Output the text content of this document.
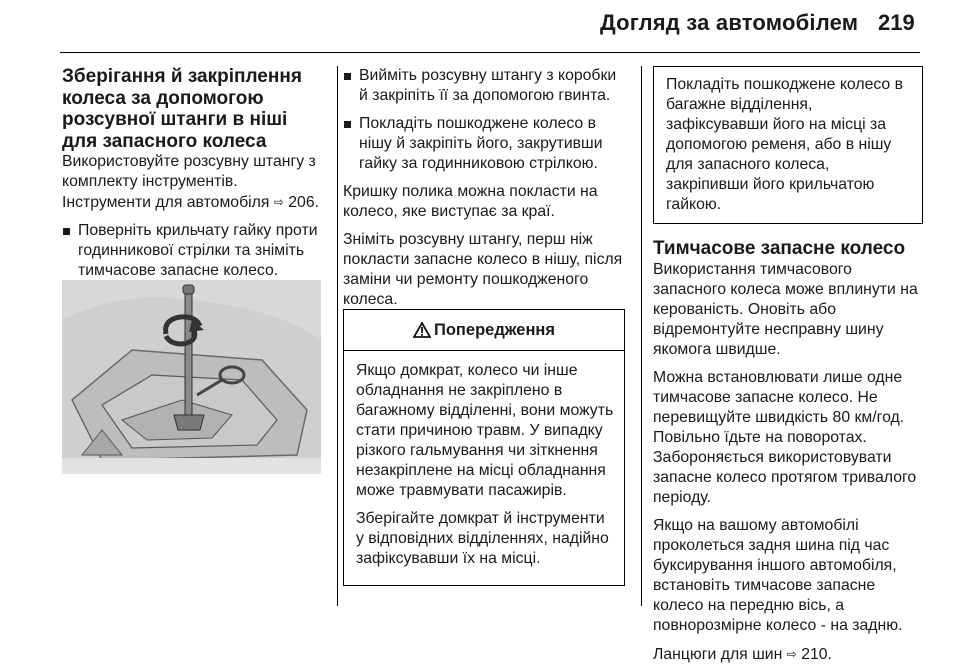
Догляд за автомобілем 219
Зберігання й закріплення колеса за допомогою розсувної штанги в ніші для запасного колеса

Використовуйте розсувну штангу з комплекту інструментів.

Інструменти для автомобіля ⇨ 206.

Поверніть крильчату гайку проти годинникової стрілки та зніміть тимчасове запасне колесо.

Вийміть розсувну штангу з коробки й закріпіть її за допомогою гвинта.

Покладіть пошкоджене колесо в нішу й закріпіть його, закрутивши гайку за годинниковою стрілкою.

Кришку полика можна покласти на колесо, яке виступає за краї.

Зніміть розсувну штангу, перш ніж покласти запасне колесо в нішу, після заміни чи ремонту пошкодженого колеса.

Попередження

Якщо домкрат, колесо чи інше обладнання не закріплено в багажному відділенні, вони можуть стати причиною травм. У випадку різкого гальмування чи зіткнення незакріплене на місці обладнання може травмувати пасажирів.

Зберігайте домкрат й інструменти у відповідних відділеннях, надійно зафіксувавши їх на місці.

Покладіть пошкоджене колесо в багажне відділення, зафіксувавши його на місці за допомогою ременя, або в нішу для запасного колеса, закріпивши його крильчатою гайкою.

Тимчасове запасне колесо

Використання тимчасового запасного колеса може вплинути на керованість. Оновіть або відремонтуйте несправну шину якомога швидше.

Можна встановлювати лише одне тимчасове запасне колесо. Не перевищуйте швидкість 80 км/год. Повільно їдьте на поворотах. Забороняється використовувати запасне колесо протягом тривалого періоду.

Якщо на вашому автомобілі проколеться задня шина під час буксирування іншого автомобіля, встановіть тимчасове запасне колесо на передню вісь, а повнорозмірне колесо - на задню.

Ланцюги для шин ⇨ 210.
